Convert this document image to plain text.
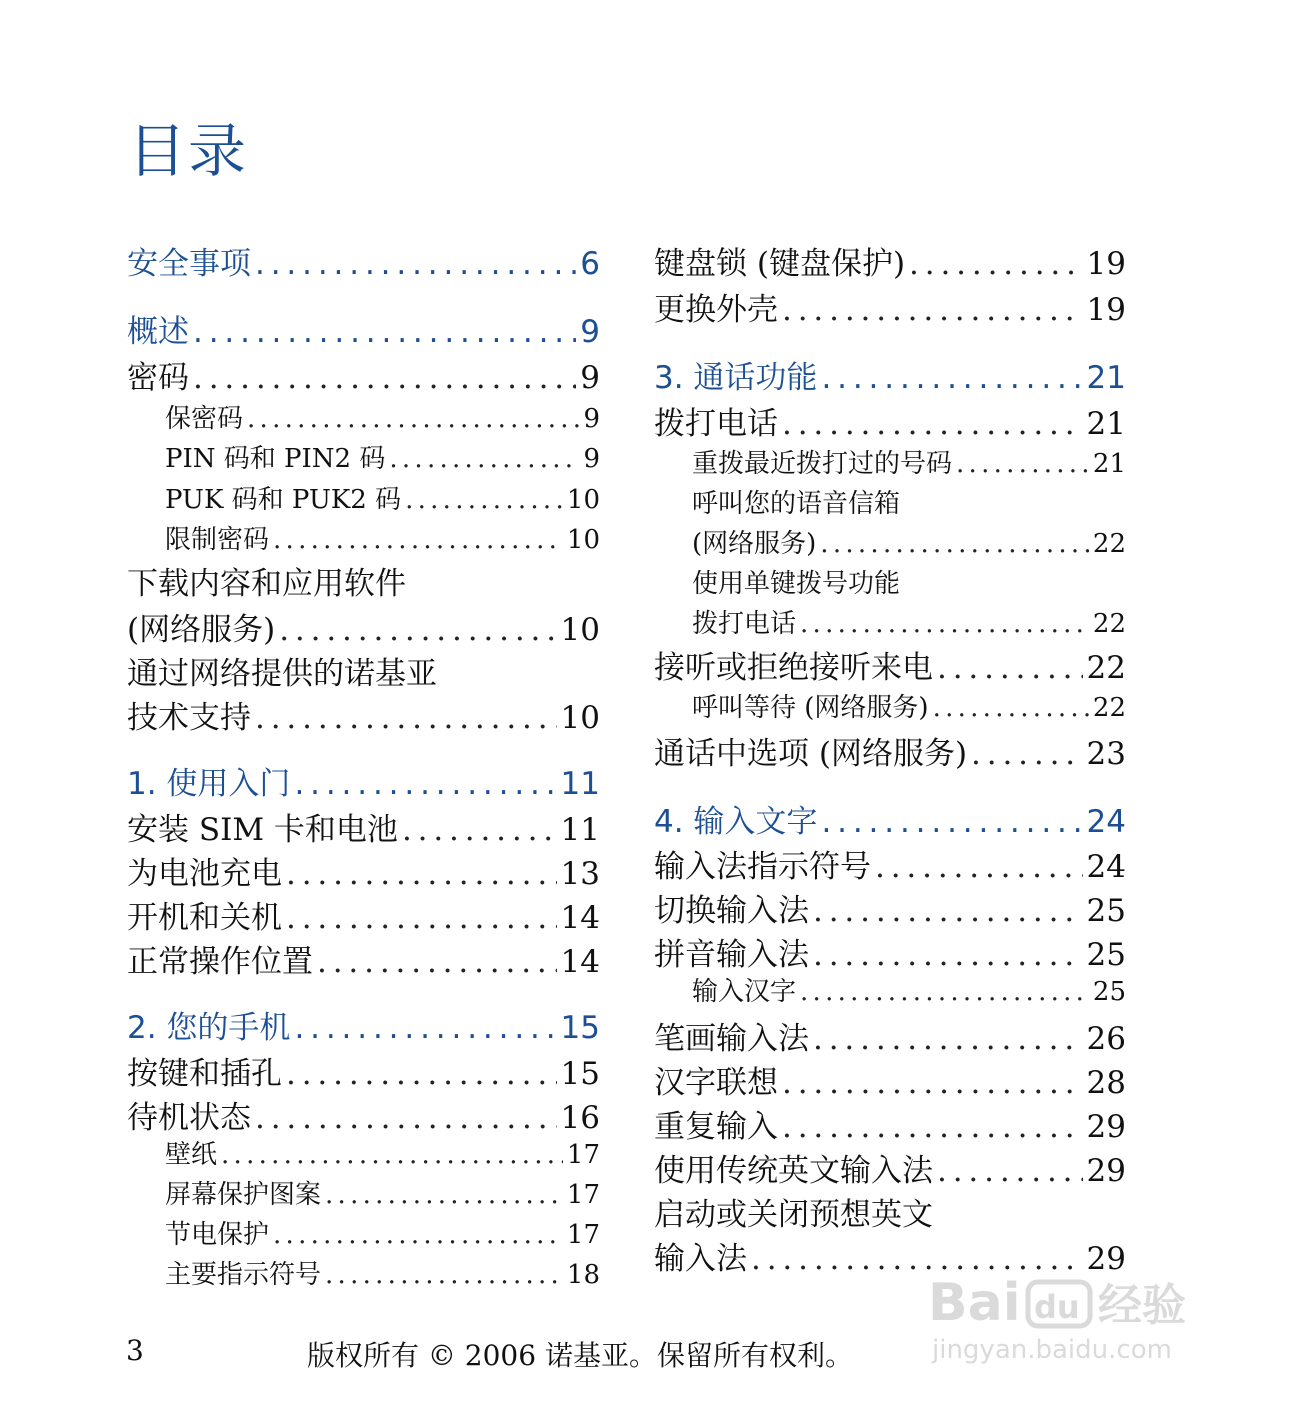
目录
安全事项 . . .	6
概述 . . .	9
密码 . . .	9
保密码 . . .	9
PIN 码和 PIN2 码 . . .	9
PUK 码和 PUK2 码 . . .	10
限制密码 . . .	10
下载内容和应用软件
(网络服务) . . .	10
通过网络提供的诺基亚
技术支持 . . .	10
1. 使用入门 . . .	11
安装 SIM 卡和电池 . . .	11
为电池充电 . . .	13
开机和关机 . . .	14
正常操作位置 . . .	14
2. 您的手机 . . .	15
按键和插孔 . . .	15
待机状态 . . .	16
壁纸 . . .	17
屏幕保护图案 . . .	17
节电保护 . . .	17
主要指示符号 . . .	18
键盘锁 (键盘保护) . . .	19
更换外壳 . . .	19
3. 通话功能 . . .	21
拨打电话 . . .	21
重拨最近拨打过的号码 . . .	21
呼叫您的语音信箱
(网络服务) . . .	22
使用单键拨号功能
拨打电话 . . .	22
接听或拒绝接听来电 . . .	22
呼叫等待 (网络服务) . . .	22
通话中选项 (网络服务) . . .	23
4. 输入文字 . . .	24
输入法指示符号 . . .	24
切换输入法 . . .	25
拼音输入法 . . .	25
输入汉字 . . .	25
笔画输入法 . . .	26
汉字联想 . . .	28
重复输入 . . .	29
使用传统英文输入法 . . .	29
启动或关闭预想英文
输入法 . . .	29
3	版权所有 © 2006 诺基亚。保留所有权利。
Bai du 经验
jingyan.baidu.com
